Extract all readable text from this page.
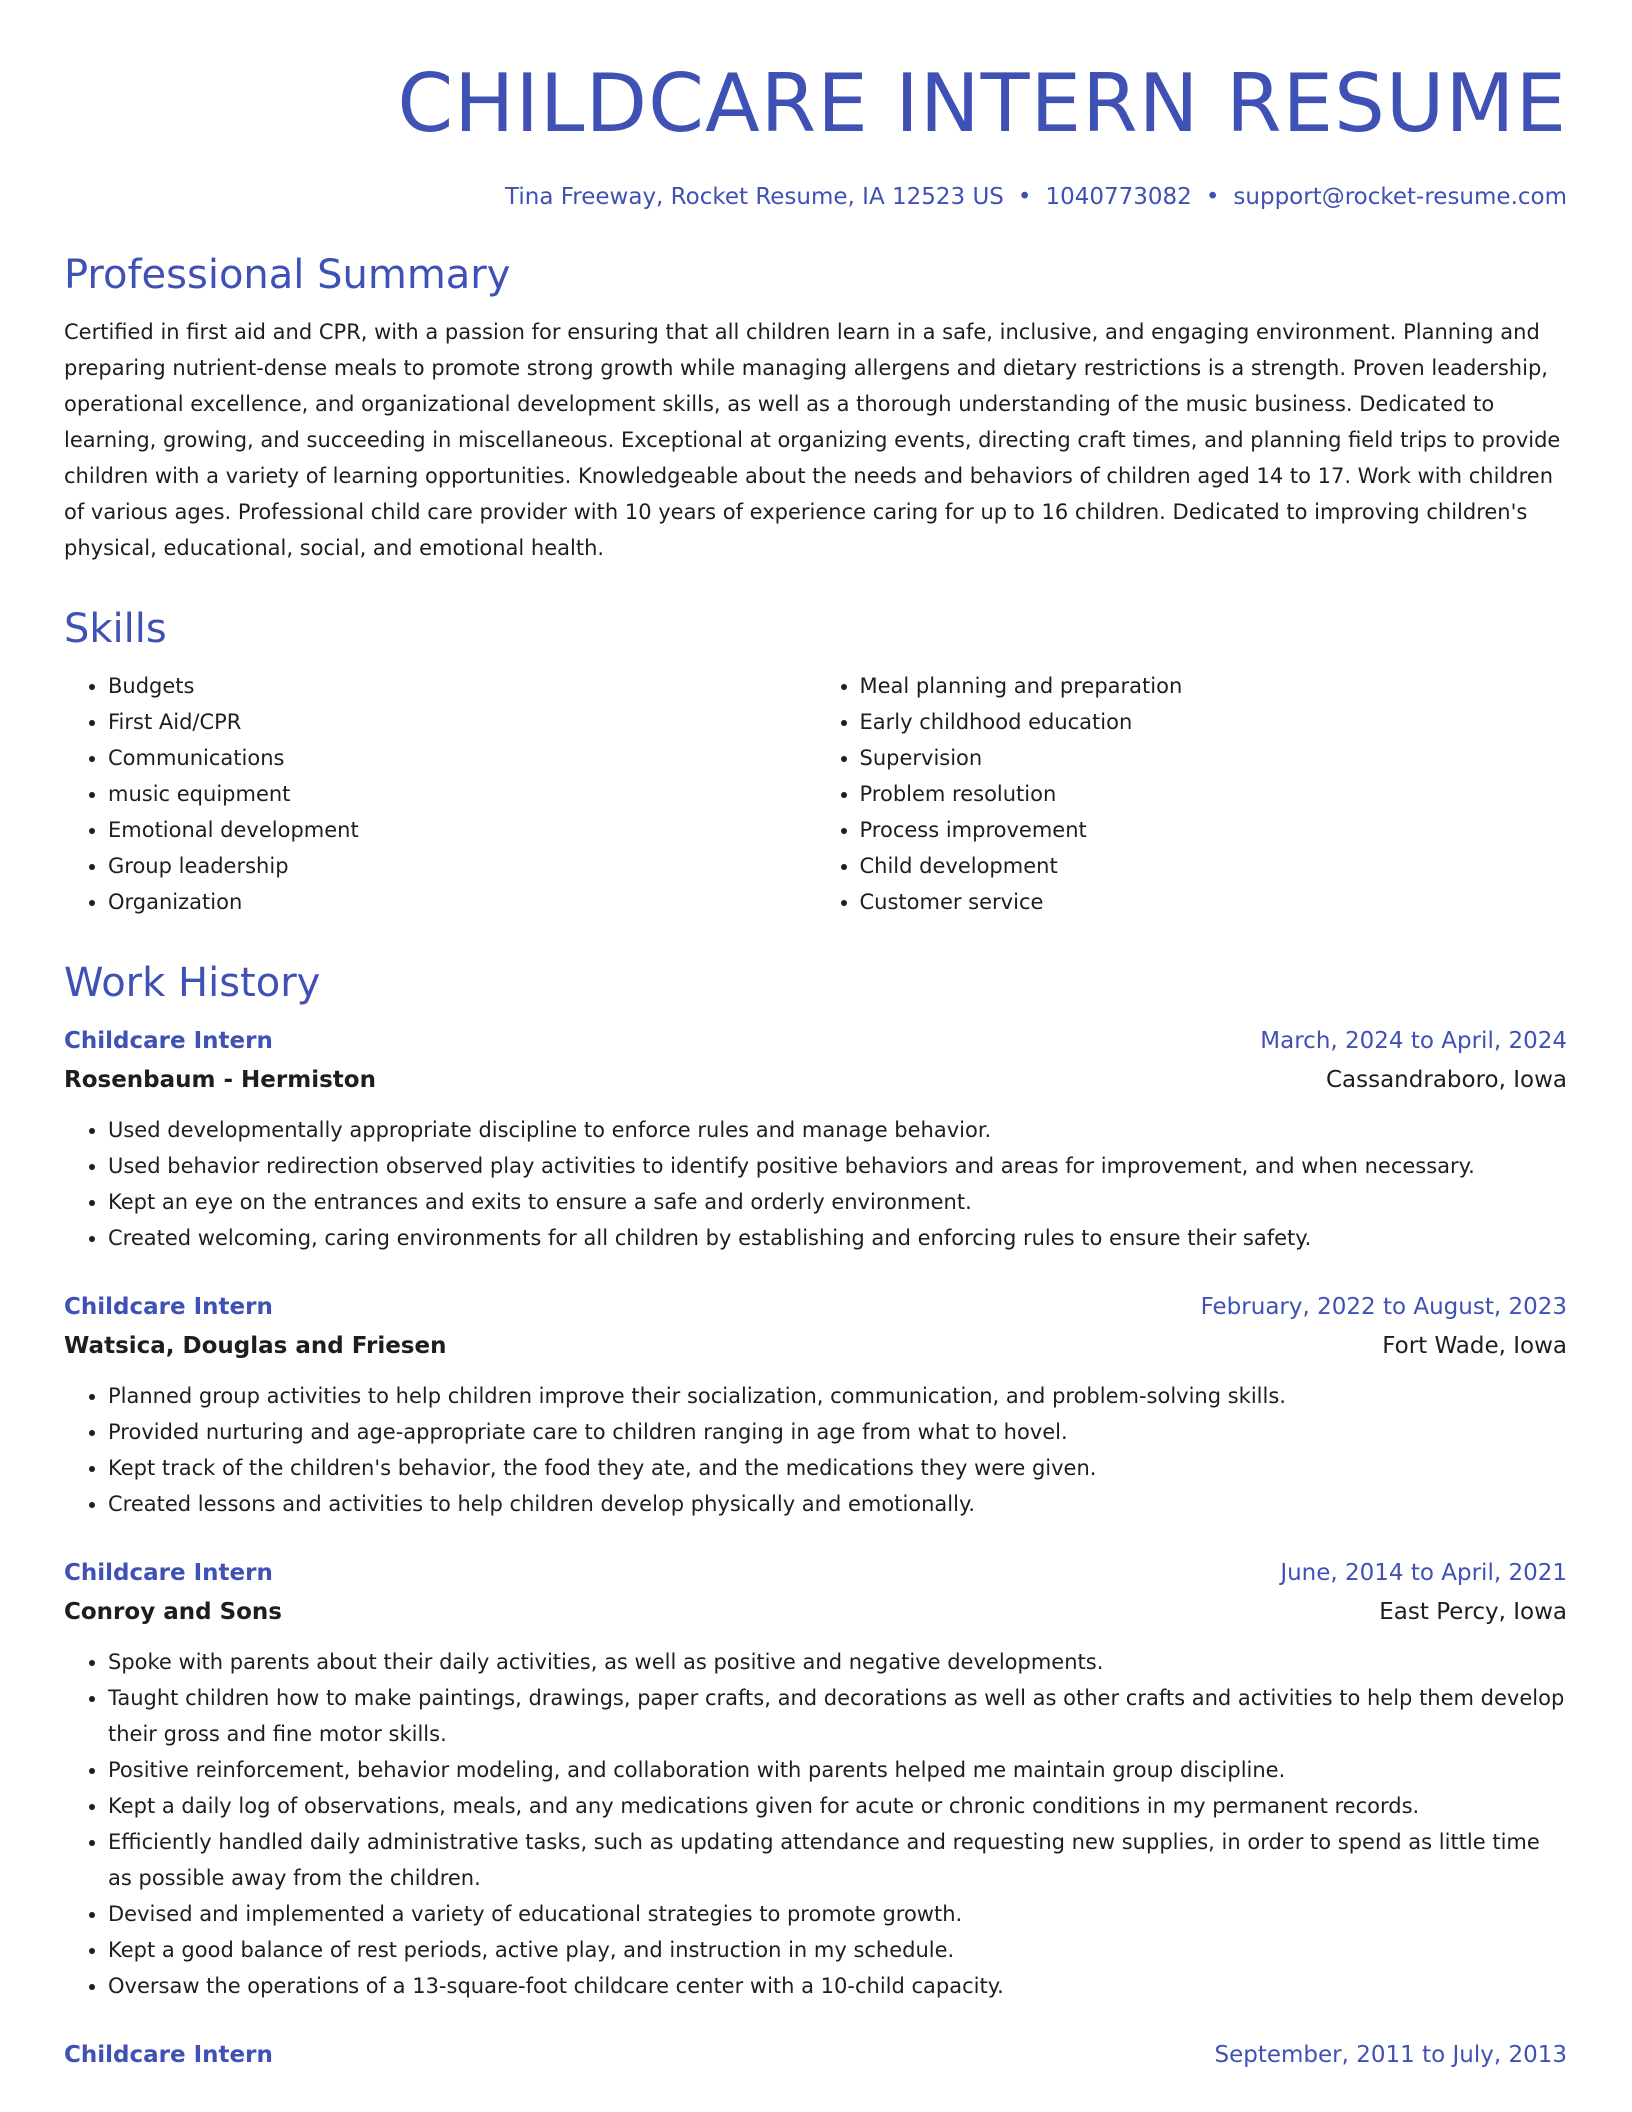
CHILDCARE INTERN RESUME
Tina Freeway, Rocket Resume, IA 12523 US • 1040773082 • support@rocket-resume.com
Professional Summary

Certified in first aid and CPR, with a passion for ensuring that all children learn in a safe, inclusive, and engaging environment. Planning and preparing nutrient-dense meals to promote strong growth while managing allergens and dietary restrictions is a strength. Proven leadership, operational excellence, and organizational development skills, as well as a thorough understanding of the music business. Dedicated to learning, growing, and succeeding in miscellaneous. Exceptional at organizing events, directing craft times, and planning field trips to provide children with a variety of learning opportunities. Knowledgeable about the needs and behaviors of children aged 14 to 17. Work with children of various ages. Professional child care provider with 10 years of experience caring for up to 16 children. Dedicated to improving children's physical, educational, social, and emotional health.

Skills
• Budgets
• First Aid/CPR
• Communications
• music equipment
• Emotional development
• Group leadership
• Organization
• Meal planning and preparation
• Early childhood education
• Supervision
• Problem resolution
• Process improvement
• Child development
• Customer service
Work History
Childcare Intern	March, 2024 to April, 2024
Rosenbaum - Hermiston	Cassandraboro, Iowa
• Used developmentally appropriate discipline to enforce rules and manage behavior.
• Used behavior redirection observed play activities to identify positive behaviors and areas for improvement, and when necessary.
• Kept an eye on the entrances and exits to ensure a safe and orderly environment.
• Created welcoming, caring environments for all children by establishing and enforcing rules to ensure their safety.
Childcare Intern	February, 2022 to August, 2023
Watsica, Douglas and Friesen	Fort Wade, Iowa
• Planned group activities to help children improve their socialization, communication, and problem-solving skills.
• Provided nurturing and age-appropriate care to children ranging in age from what to hovel.
• Kept track of the children's behavior, the food they ate, and the medications they were given.
• Created lessons and activities to help children develop physically and emotionally.
Childcare Intern	June, 2014 to April, 2021
Conroy and Sons	East Percy, Iowa
• Spoke with parents about their daily activities, as well as positive and negative developments.
• Taught children how to make paintings, drawings, paper crafts, and decorations as well as other crafts and activities to help them develop their gross and fine motor skills.
• Positive reinforcement, behavior modeling, and collaboration with parents helped me maintain group discipline.
• Kept a daily log of observations, meals, and any medications given for acute or chronic conditions in my permanent records.
• Efficiently handled daily administrative tasks, such as updating attendance and requesting new supplies, in order to spend as little time as possible away from the children.
• Devised and implemented a variety of educational strategies to promote growth.
• Kept a good balance of rest periods, active play, and instruction in my schedule.
• Oversaw the operations of a 13-square-foot childcare center with a 10-child capacity.
Childcare Intern	September, 2011 to July, 2013
